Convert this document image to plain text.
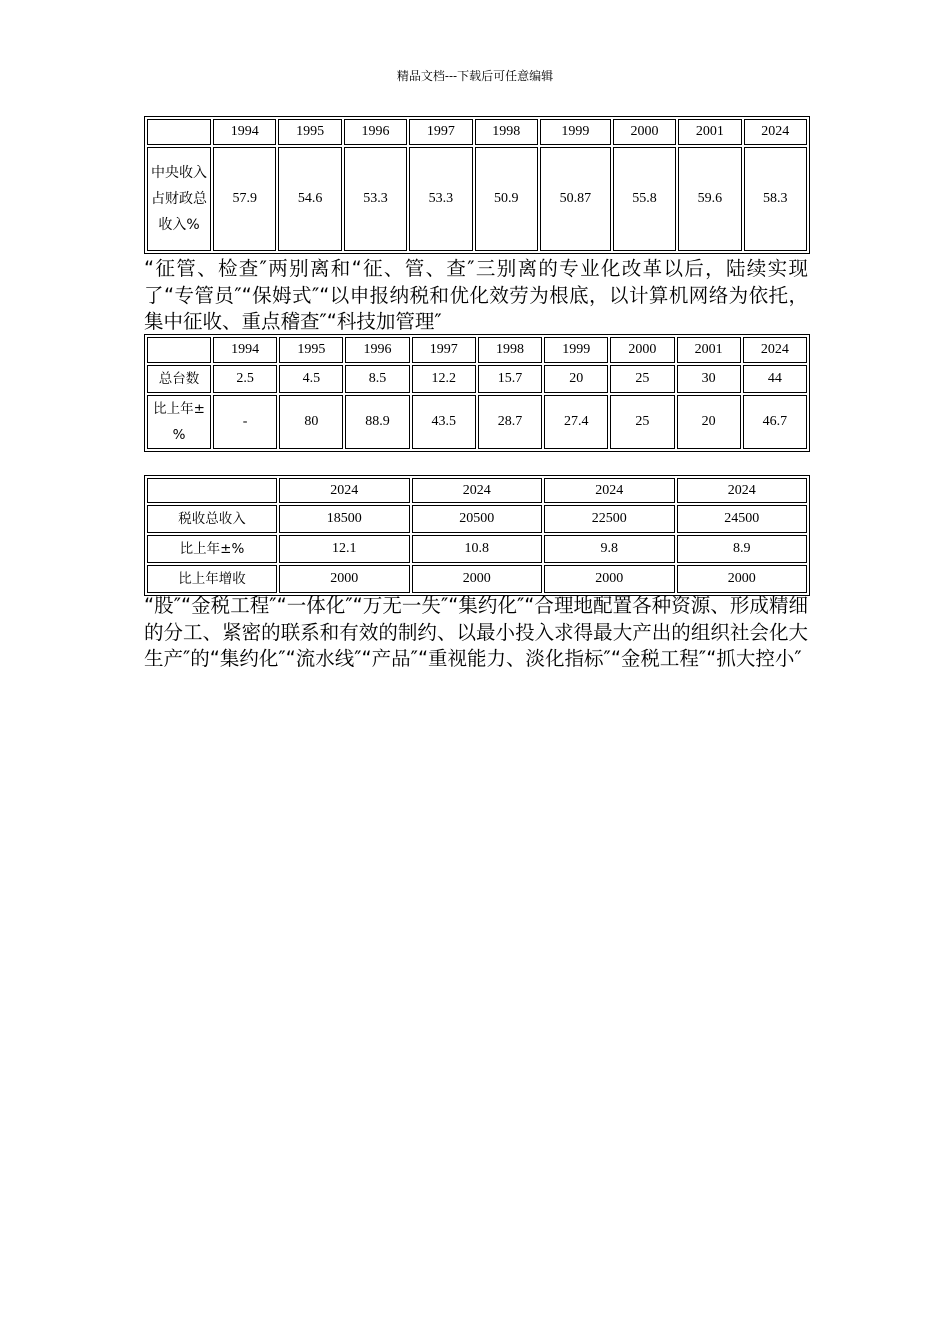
精品文档---下载后可任意编辑
	1994	1995	1996	1997	1998	1999	2000	2001	2024
中央收入占财政总收入%	57.9	54.6	53.3	53.3	50.9	50.87	55.8	59.6	58.3

“征管、检查″两别离和“征、管、查″三别离的专业化改革以后，陆续实现了“专管员″“保姆式″“以申报纳税和优化效劳为根底，以计算机网络为依托，集中征收、重点稽查″“科技加管理″

	1994	1995	1996	1997	1998	1999	2000	2001	2024
总台数	2.5	4.5	8.5	12.2	15.7	20	25	30	44
比上年±%	-	80	88.9	43.5	28.7	27.4	25	20	46.7
	2024	2024	2024	2024
税收总收入	18500	20500	22500	24500
比上年±%	12.1	10.8	9.8	8.9
比上年增收	2000	2000	2000	2000

“股″“金税工程″“一体化″“万无一失″“集约化″“合理地配置各种资源、形成精细的分工、紧密的联系和有效的制约、以最小投入求得最大产出的组织社会化大生产″的“集约化″“流水线″“产品″“重视能力、淡化指标″“金税工程″“抓大控小″
